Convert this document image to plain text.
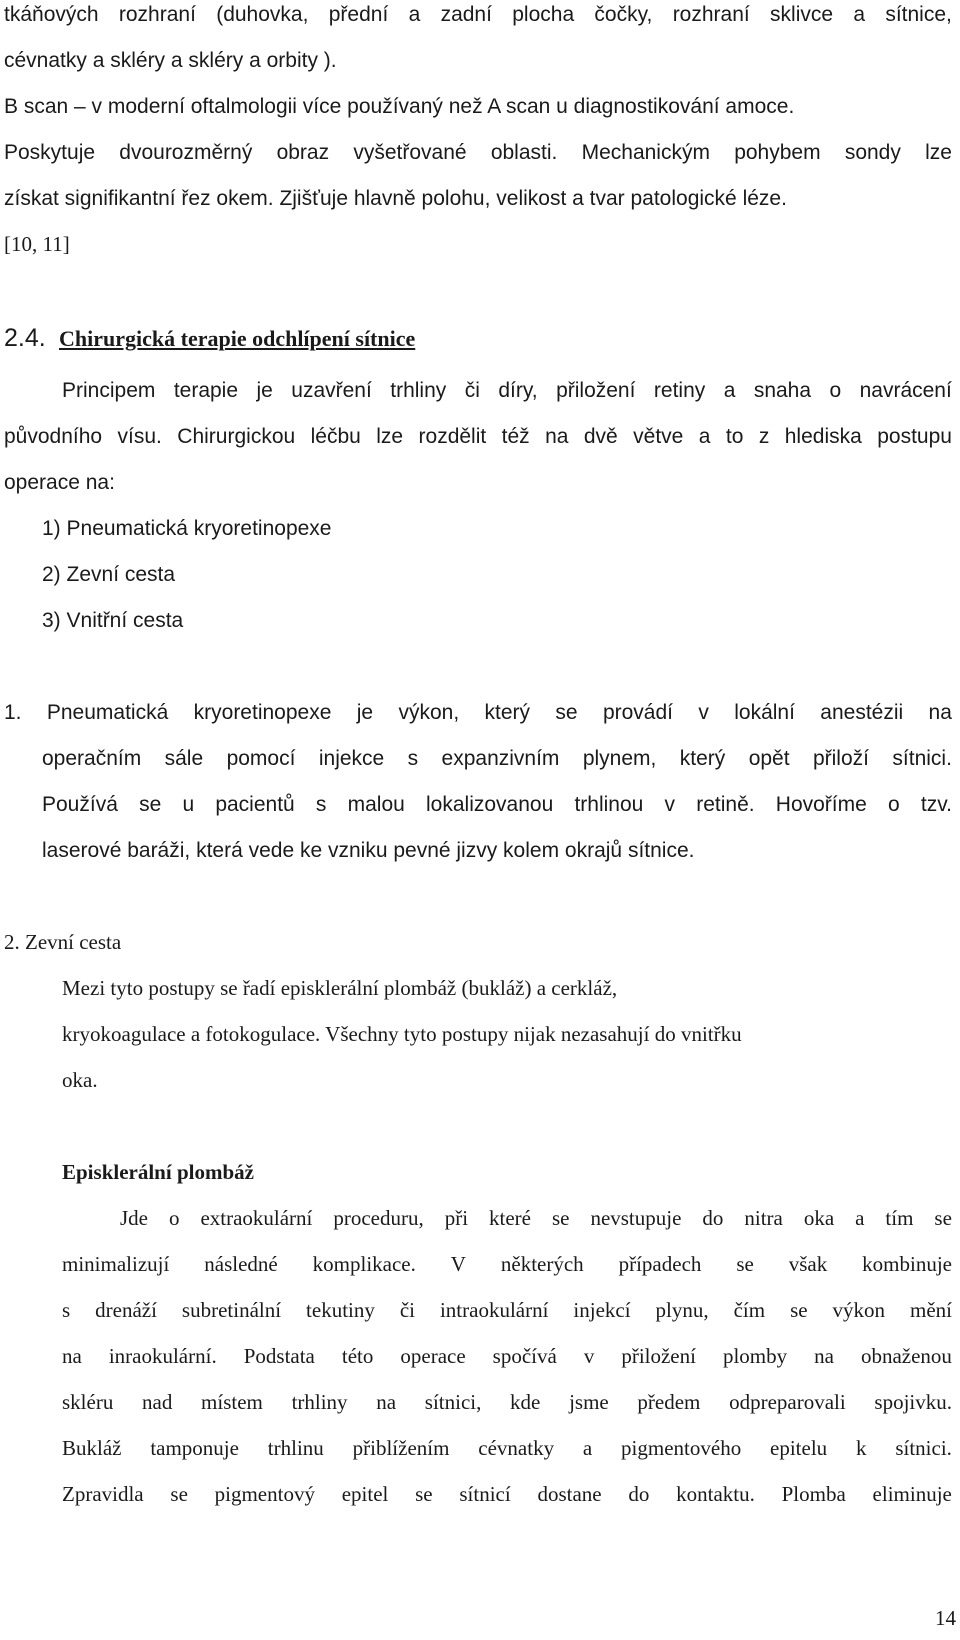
tkáňových rozhraní (duhovka, přední a zadní plocha čočky, rozhraní sklivce a sítnice,
cévnatky a skléry a skléry a orbity ).
B scan – v moderní oftalmologii více používaný než A scan u diagnostikování amoce.
Poskytuje dvourozměrný obraz vyšetřované oblasti. Mechanickým pohybem sondy lze
získat signifikantní řez okem. Zjišťuje hlavně polohu, velikost a tvar patologické léze.
[10, 11]
2.4. Chirurgická terapie odchlípení sítnice
Principem terapie je uzavření trhliny či díry, přiložení retiny a snaha o navrácení
původního vísu. Chirurgickou léčbu lze rozdělit též na dvě větve a to z hlediska postupu
operace na:
1) Pneumatická kryoretinopexe
2) Zevní cesta
3) Vnitřní cesta
1. Pneumatická kryoretinopexe je výkon, který se provádí v lokální anestézii na
operačním sále pomocí injekce s expanzivním plynem, který opět přiloží sítnici.
Používá se u pacientů s malou lokalizovanou trhlinou v retině. Hovoříme o tzv.
laserové baráži, která vede ke vzniku pevné jizvy kolem okrajů sítnice.
2. Zevní cesta
Mezi tyto postupy se řadí episklerální plombáž (bukláž) a cerkláž,
kryokoagulace a fotokogulace. Všechny tyto postupy nijak nezasahují do vnitřku
oka.
Episklerální plombáž
Jde o extraokulární proceduru, při které se nevstupuje do nitra oka a tím se
minimalizují následné komplikace. V některých případech se však kombinuje
s drenáží subretinální tekutiny či intraokulární injekcí plynu, čím se výkon mění
na inraokulární. Podstata této operace spočívá v přiložení plomby na obnaženou
skléru nad místem trhliny na sítnici, kde jsme předem odpreparovali spojivku.
Bukláž tamponuje trhlinu přiblížením cévnatky a pigmentového epitelu k sítnici.
Zpravidla se pigmentový epitel se sítnicí dostane do kontaktu. Plomba eliminuje
14
